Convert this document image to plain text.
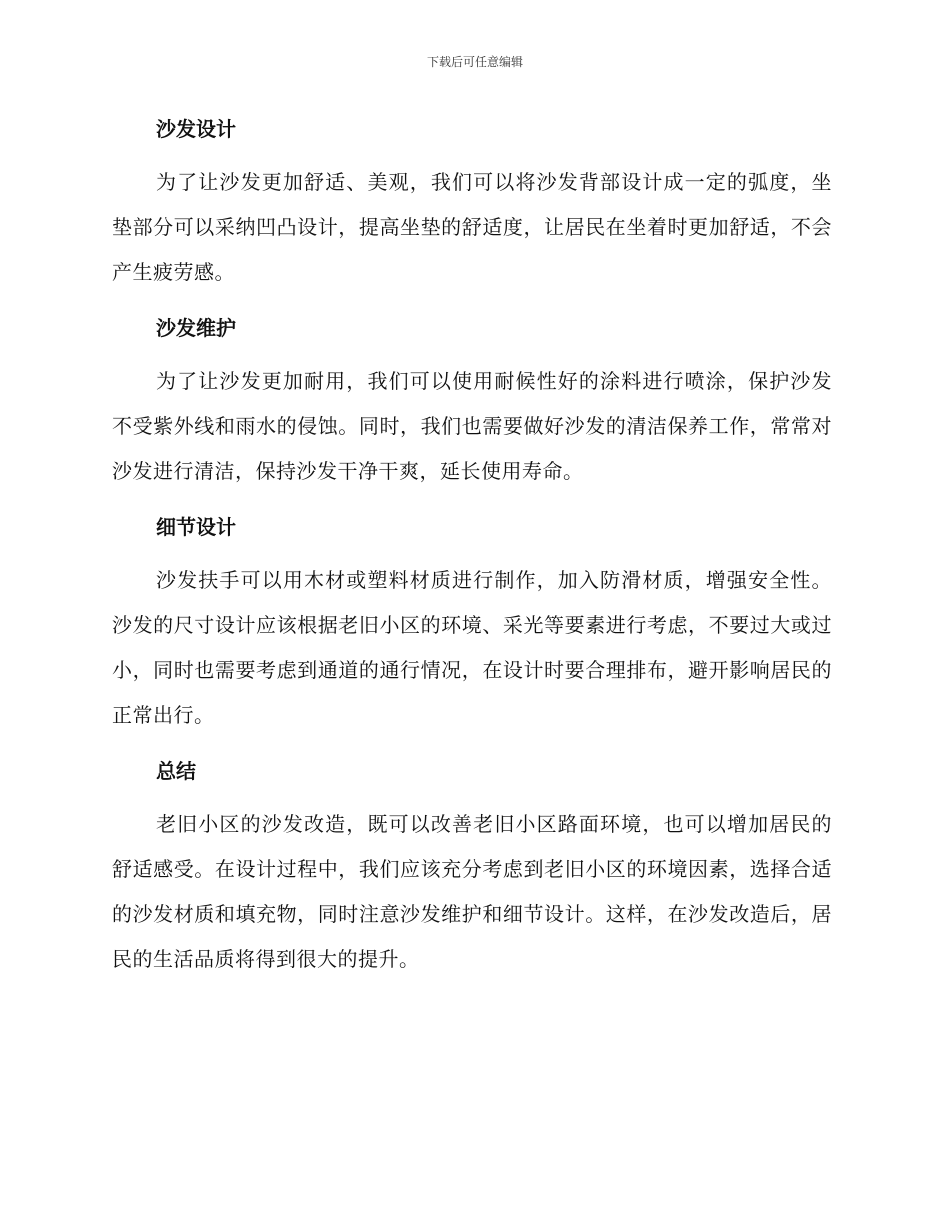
下载后可任意编辑
沙发设计

为了让沙发更加舒适、美观，我们可以将沙发背部设计成一定的弧度，坐垫部分可以采纳凹凸设计，提高坐垫的舒适度，让居民在坐着时更加舒适，不会产生疲劳感。

沙发维护

为了让沙发更加耐用，我们可以使用耐候性好的涂料进行喷涂，保护沙发不受紫外线和雨水的侵蚀。同时，我们也需要做好沙发的清洁保养工作，常常对沙发进行清洁，保持沙发干净干爽，延长使用寿命。

细节设计

沙发扶手可以用木材或塑料材质进行制作，加入防滑材质，增强安全性。沙发的尺寸设计应该根据老旧小区的环境、采光等要素进行考虑，不要过大或过小，同时也需要考虑到通道的通行情况，在设计时要合理排布，避开影响居民的正常出行。

总结

老旧小区的沙发改造，既可以改善老旧小区路面环境，也可以增加居民的舒适感受。在设计过程中，我们应该充分考虑到老旧小区的环境因素，选择合适的沙发材质和填充物，同时注意沙发维护和细节设计。这样，在沙发改造后，居民的生活品质将得到很大的提升。
